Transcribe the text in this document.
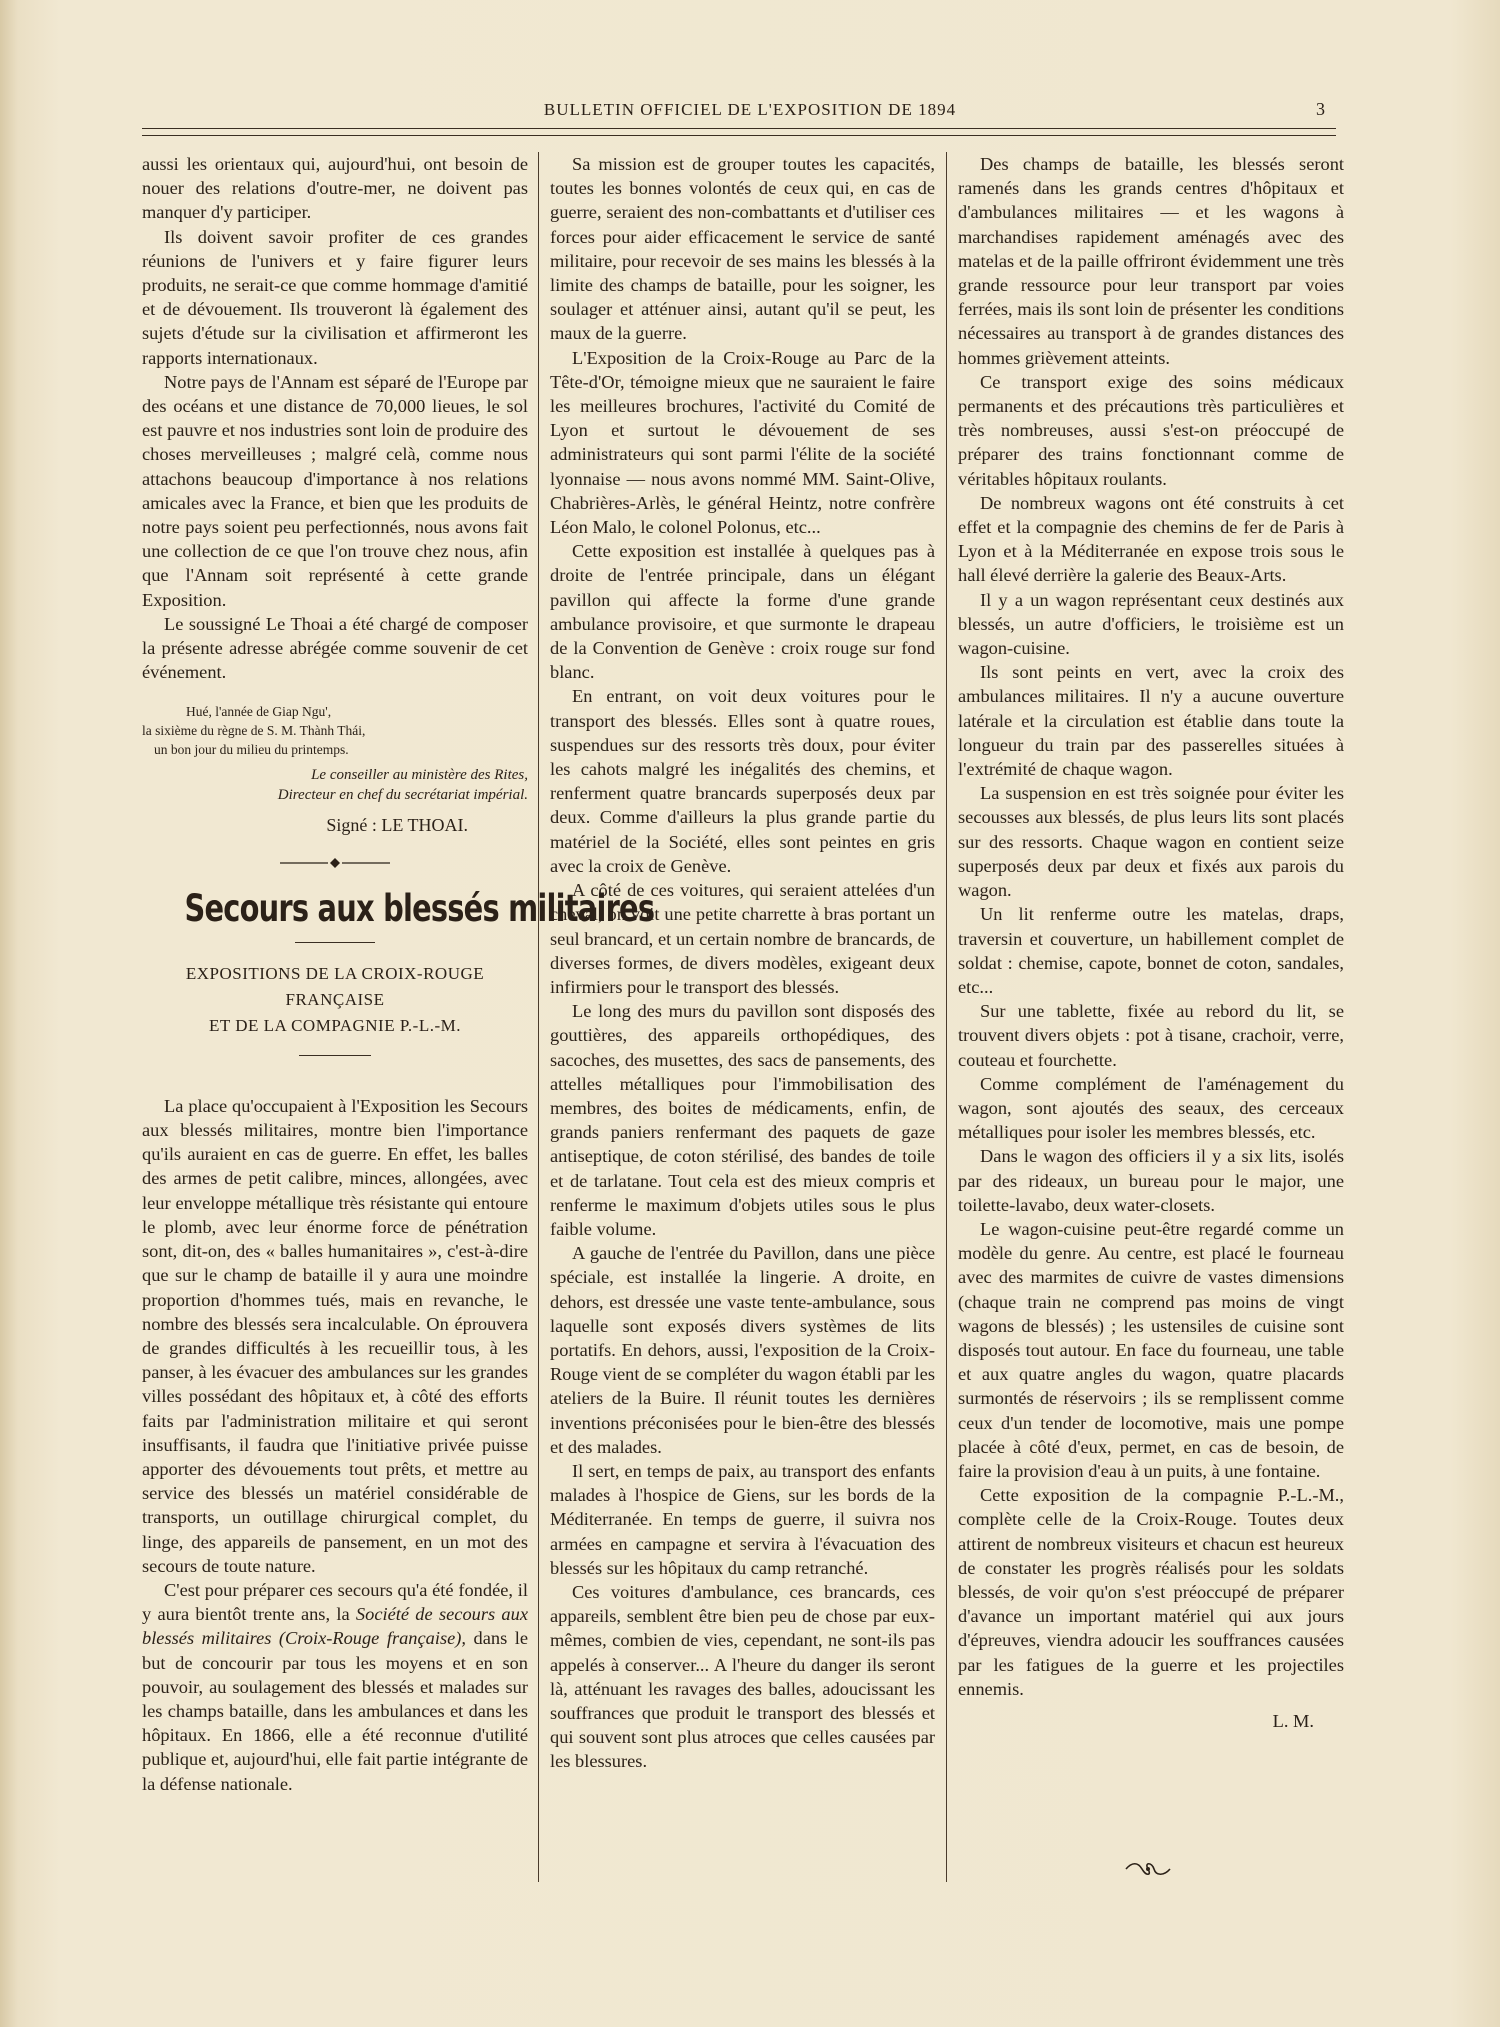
BULLETIN OFFICIEL DE L'EXPOSITION DE 1894	3

aussi les orientaux qui, aujourd'hui, ont besoin de nouer des relations d'outre-mer, ne doivent pas manquer d'y participer.

Ils doivent savoir profiter de ces grandes réunions de l'univers et y faire figurer leurs produits, ne serait-ce que comme hommage d'amitié et de dévouement. Ils trouveront là également des sujets d'étude sur la civilisation et affirmeront les rapports internationaux.

Notre pays de l'Annam est séparé de l'Europe par des océans et une distance de 70,000 lieues, le sol est pauvre et nos industries sont loin de produire des choses merveilleuses ; malgré celà, comme nous attachons beaucoup d'importance à nos relations amicales avec la France, et bien que les produits de notre pays soient peu perfectionnés, nous avons fait une collection de ce que l'on trouve chez nous, afin que l'Annam soit représenté à cette grande Exposition.

Le soussigné Le Thoai a été chargé de composer la présente adresse abrégée comme souvenir de cet événement.

Hué, l'année de Giap Ngu',
la sixième du règne de S. M. Thành Thái,
un bon jour du milieu du printemps.
Le conseiller au ministère des Rites,
Directeur en chef du secrétariat impérial.
Signé : LE THOAI.
Secours aux blessés militaires
EXPOSITIONS DE LA CROIX-ROUGE FRANÇAISE
ET DE LA COMPAGNIE P.-L.-M.

La place qu'occupaient à l'Exposition les Secours aux blessés militaires, montre bien l'importance qu'ils auraient en cas de guerre. En effet, les balles des armes de petit calibre, minces, allongées, avec leur enveloppe métallique très résistante qui entoure le plomb, avec leur énorme force de pénétration sont, dit-on, des « balles humanitaires », c'est-à-dire que sur le champ de bataille il y aura une moindre proportion d'hommes tués, mais en revanche, le nombre des blessés sera incalculable. On éprouvera de grandes difficultés à les recueillir tous, à les panser, à les évacuer des ambulances sur les grandes villes possédant des hôpitaux et, à côté des efforts faits par l'administration militaire et qui seront insuffisants, il faudra que l'initiative privée puisse apporter des dévouements tout prêts, et mettre au service des blessés un matériel considérable de transports, un outillage chirurgical complet, du linge, des appareils de pansement, en un mot des secours de toute nature.

C'est pour préparer ces secours qu'a été fondée, il y aura bientôt trente ans, la Société de secours aux blessés militaires (Croix-Rouge française), dans le but de concourir par tous les moyens et en son pouvoir, au soulagement des blessés et malades sur les champs bataille, dans les ambulances et dans les hôpitaux. En 1866, elle a été reconnue d'utilité publique et, aujourd'hui, elle fait partie intégrante de la défense nationale.

Sa mission est de grouper toutes les capacités, toutes les bonnes volontés de ceux qui, en cas de guerre, seraient des non-combattants et d'utiliser ces forces pour aider efficacement le service de santé militaire, pour recevoir de ses mains les blessés à la limite des champs de bataille, pour les soigner, les soulager et atténuer ainsi, autant qu'il se peut, les maux de la guerre.

L'Exposition de la Croix-Rouge au Parc de la Tête-d'Or, témoigne mieux que ne sauraient le faire les meilleures brochures, l'activité du Comité de Lyon et surtout le dévouement de ses administrateurs qui sont parmi l'élite de la société lyonnaise — nous avons nommé MM. Saint-Olive, Chabrières-Arlès, le général Heintz, notre confrère Léon Malo, le colonel Polonus, etc...

Cette exposition est installée à quelques pas à droite de l'entrée principale, dans un élégant pavillon qui affecte la forme d'une grande ambulance provisoire, et que surmonte le drapeau de la Convention de Genève : croix rouge sur fond blanc.

En entrant, on voit deux voitures pour le transport des blessés. Elles sont à quatre roues, suspendues sur des ressorts très doux, pour éviter les cahots malgré les inégalités des chemins, et renferment quatre brancards superposés deux par deux. Comme d'ailleurs la plus grande partie du matériel de la Société, elles sont peintes en gris avec la croix de Genève.

A côté de ces voitures, qui seraient attelées d'un cheval, on voit une petite charrette à bras portant un seul brancard, et un certain nombre de brancards, de diverses formes, de divers modèles, exigeant deux infirmiers pour le transport des blessés.

Le long des murs du pavillon sont disposés des gouttières, des appareils orthopédiques, des sacoches, des musettes, des sacs de pansements, des attelles métalliques pour l'immobilisation des membres, des boites de médicaments, enfin, de grands paniers renfermant des paquets de gaze antiseptique, de coton stérilisé, des bandes de toile et de tarlatane. Tout cela est des mieux compris et renferme le maximum d'objets utiles sous le plus faible volume.

A gauche de l'entrée du Pavillon, dans une pièce spéciale, est installée la lingerie. A droite, en dehors, est dressée une vaste tente-ambulance, sous laquelle sont exposés divers systèmes de lits portatifs. En dehors, aussi, l'exposition de la Croix-Rouge vient de se compléter du wagon établi par les ateliers de la Buire. Il réunit toutes les dernières inventions préconisées pour le bien-être des blessés et des malades.

Il sert, en temps de paix, au transport des enfants malades à l'hospice de Giens, sur les bords de la Méditerranée. En temps de guerre, il suivra nos armées en campagne et servira à l'évacuation des blessés sur les hôpitaux du camp retranché.

Ces voitures d'ambulance, ces brancards, ces appareils, semblent être bien peu de chose par eux-mêmes, combien de vies, cependant, ne sont-ils pas appelés à conserver... A l'heure du danger ils seront là, atténuant les ravages des balles, adoucissant les souffrances que produit le transport des blessés et qui souvent sont plus atroces que celles causées par les blessures.

Des champs de bataille, les blessés seront ramenés dans les grands centres d'hôpitaux et d'ambulances militaires — et les wagons à marchandises rapidement aménagés avec des matelas et de la paille offriront évidemment une très grande ressource pour leur transport par voies ferrées, mais ils sont loin de présenter les conditions nécessaires au transport à de grandes distances des hommes grièvement atteints.

Ce transport exige des soins médicaux permanents et des précautions très particulières et très nombreuses, aussi s'est-on préoccupé de préparer des trains fonctionnant comme de véritables hôpitaux roulants.

De nombreux wagons ont été construits à cet effet et la compagnie des chemins de fer de Paris à Lyon et à la Méditerranée en expose trois sous le hall élevé derrière la galerie des Beaux-Arts.

Il y a un wagon représentant ceux destinés aux blessés, un autre d'officiers, le troisième est un wagon-cuisine.

Ils sont peints en vert, avec la croix des ambulances militaires. Il n'y a aucune ouverture latérale et la circulation est établie dans toute la longueur du train par des passerelles situées à l'extrémité de chaque wagon.

La suspension en est très soignée pour éviter les secousses aux blessés, de plus leurs lits sont placés sur des ressorts. Chaque wagon en contient seize superposés deux par deux et fixés aux parois du wagon.

Un lit renferme outre les matelas, draps, traversin et couverture, un habillement complet de soldat : chemise, capote, bonnet de coton, sandales, etc...

Sur une tablette, fixée au rebord du lit, se trouvent divers objets : pot à tisane, crachoir, verre, couteau et fourchette.

Comme complément de l'aménagement du wagon, sont ajoutés des seaux, des cerceaux métalliques pour isoler les membres blessés, etc.

Dans le wagon des officiers il y a six lits, isolés par des rideaux, un bureau pour le major, une toilette-lavabo, deux water-closets.

Le wagon-cuisine peut-être regardé comme un modèle du genre. Au centre, est placé le fourneau avec des marmites de cuivre de vastes dimensions (chaque train ne comprend pas moins de vingt wagons de blessés) ; les ustensiles de cuisine sont disposés tout autour. En face du fourneau, une table et aux quatre angles du wagon, quatre placards surmontés de réservoirs ; ils se remplissent comme ceux d'un tender de locomotive, mais une pompe placée à côté d'eux, permet, en cas de besoin, de faire la provision d'eau à un puits, à une fontaine.

Cette exposition de la compagnie P.-L.-M., complète celle de la Croix-Rouge. Toutes deux attirent de nombreux visiteurs et chacun est heureux de constater les progrès réalisés pour les soldats blessés, de voir qu'on s'est préoccupé de préparer d'avance un important matériel qui aux jours d'épreuves, viendra adoucir les souffrances causées par les fatigues de la guerre et les projectiles ennemis.

L. M.
